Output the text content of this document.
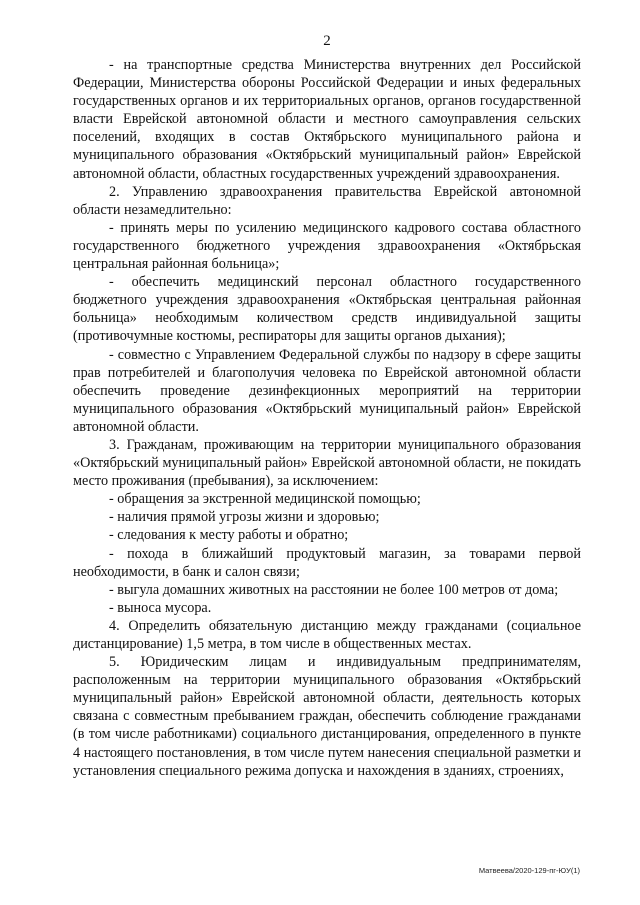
2

- на транспортные средства Министерства внутренних дел Российской Федерации, Министерства обороны Российской Федерации и иных федеральных государственных органов и их территориальных органов, органов государственной власти Еврейской автономной области и местного самоуправления сельских поселений, входящих в состав Октябрьского муниципального района и муниципального образования «Октябрьский муниципальный район» Еврейской автономной области, областных государственных учреждений здравоохранения.

2. Управлению здравоохранения правительства Еврейской автономной области незамедлительно:

- принять меры по усилению медицинского кадрового состава областного государственного бюджетного учреждения здравоохранения «Октябрьская центральная районная больница»;

- обеспечить медицинский персонал областного государственного бюджетного учреждения здравоохранения «Октябрьская центральная районная больница» необходимым количеством средств индивидуальной защиты (противочумные костюмы, респираторы для защиты органов дыхания);

- совместно с Управлением Федеральной службы по надзору в сфере защиты прав потребителей и благополучия человека по Еврейской автономной области обеспечить проведение дезинфекционных мероприятий на территории муниципального образования «Октябрьский муниципальный район» Еврейской автономной области.

3. Гражданам, проживающим на территории муниципального образования «Октябрьский муниципальный район» Еврейской автономной области, не покидать место проживания (пребывания), за исключением:

- обращения за экстренной медицинской помощью;

- наличия прямой угрозы жизни и здоровью;

- следования к месту работы и обратно;

- похода в ближайший продуктовый магазин, за товарами первой необходимости, в банк и салон связи;

- выгула домашних животных на расстоянии не более 100 метров от дома;

- выноса мусора.

4. Определить обязательную дистанцию между гражданами (социальное дистанцирование) 1,5 метра, в том числе в общественных местах.

5. Юридическим лицам и индивидуальным предпринимателям, расположенным на территории муниципального образования «Октябрьский муниципальный район» Еврейской автономной области, деятельность которых связана с совместным пребыванием граждан, обеспечить соблюдение гражданами (в том числе работниками) социального дистанцирования, определенного в пункте 4 настоящего постановления, в том числе путем нанесения специальной разметки и установления специального режима допуска и нахождения в зданиях, строениях,

Матвеева/2020-129-пг-ЮУ(1)
